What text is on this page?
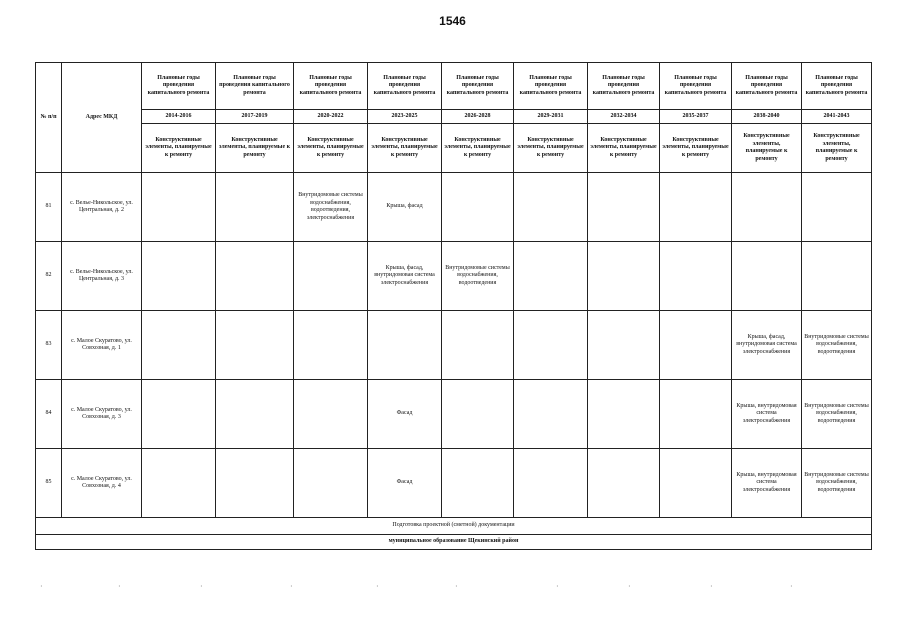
1546
№ п/п	Адрес МКД	Плановые годы проведения капитального ремонта	Плановые годы проведения капитального ремонта	Плановые годы проведения капитального ремонта	Плановые годы проведения капитального ремонта	Плановые годы проведения капитального ремонта	Плановые годы проведения капитального ремонта	Плановые годы проведения капитального ремонта	Плановые годы проведения капитального ремонта	Плановые годы проведения капитального ремонта	Плановые годы проведения капитального ремонта
		2014-2016	2017-2019	2020-2022	2023-2025	2026-2028	2029-2031	2032-2034	2035-2037	2038-2040	2041-2043
		Конструктивные элементы, планируемые к ремонту	Конструктивные элементы, планируемые к ремонту	Конструктивные элементы, планируемые к ремонту	Конструктивные элементы, планируемые к ремонту	Конструктивные элементы, планируемые к ремонту	Конструктивные элементы, планируемые к ремонту	Конструктивные элементы, планируемые к ремонту	Конструктивные элементы, планируемые к ремонту	Конструктивные элементы, планируемые к ремонту	Конструктивные элементы, планируемые к ремонту
81	с. Велье-Никольское, ул. Центральная, д. 2			Внутридомовые системы водоснабжения, водоотведения, электроснабжения	Крыша, фасад						
82	с. Велье-Никольское, ул. Центральная, д. 3				Крыша, фасад, внутридомовая система электроснабжения	Внутридомовые системы водоснабжения, водоотведения					
83	с. Малое Скуратово, ул. Совхозная, д. 1									Крыша, фасад, внутридомовая система электроснабжения	Внутридомовые системы водоснабжения, водоотведения
84	с. Малое Скуратово, ул. Совхозная, д. 3				Фасад					Крыша, внутридомовая система электроснабжения	Внутридомовые системы водоснабжения, водоотведения
85	с. Малое Скуратово, ул. Совхозная, д. 4				Фасад					Крыша, внутридомовая система электроснабжения	Внутридомовые системы водоснабжения, водоотведения
Подготовка проектной (сметной) документации											
муниципальное образование Щекинский район											
·	·	·	·	·	·	·	·	·	·
